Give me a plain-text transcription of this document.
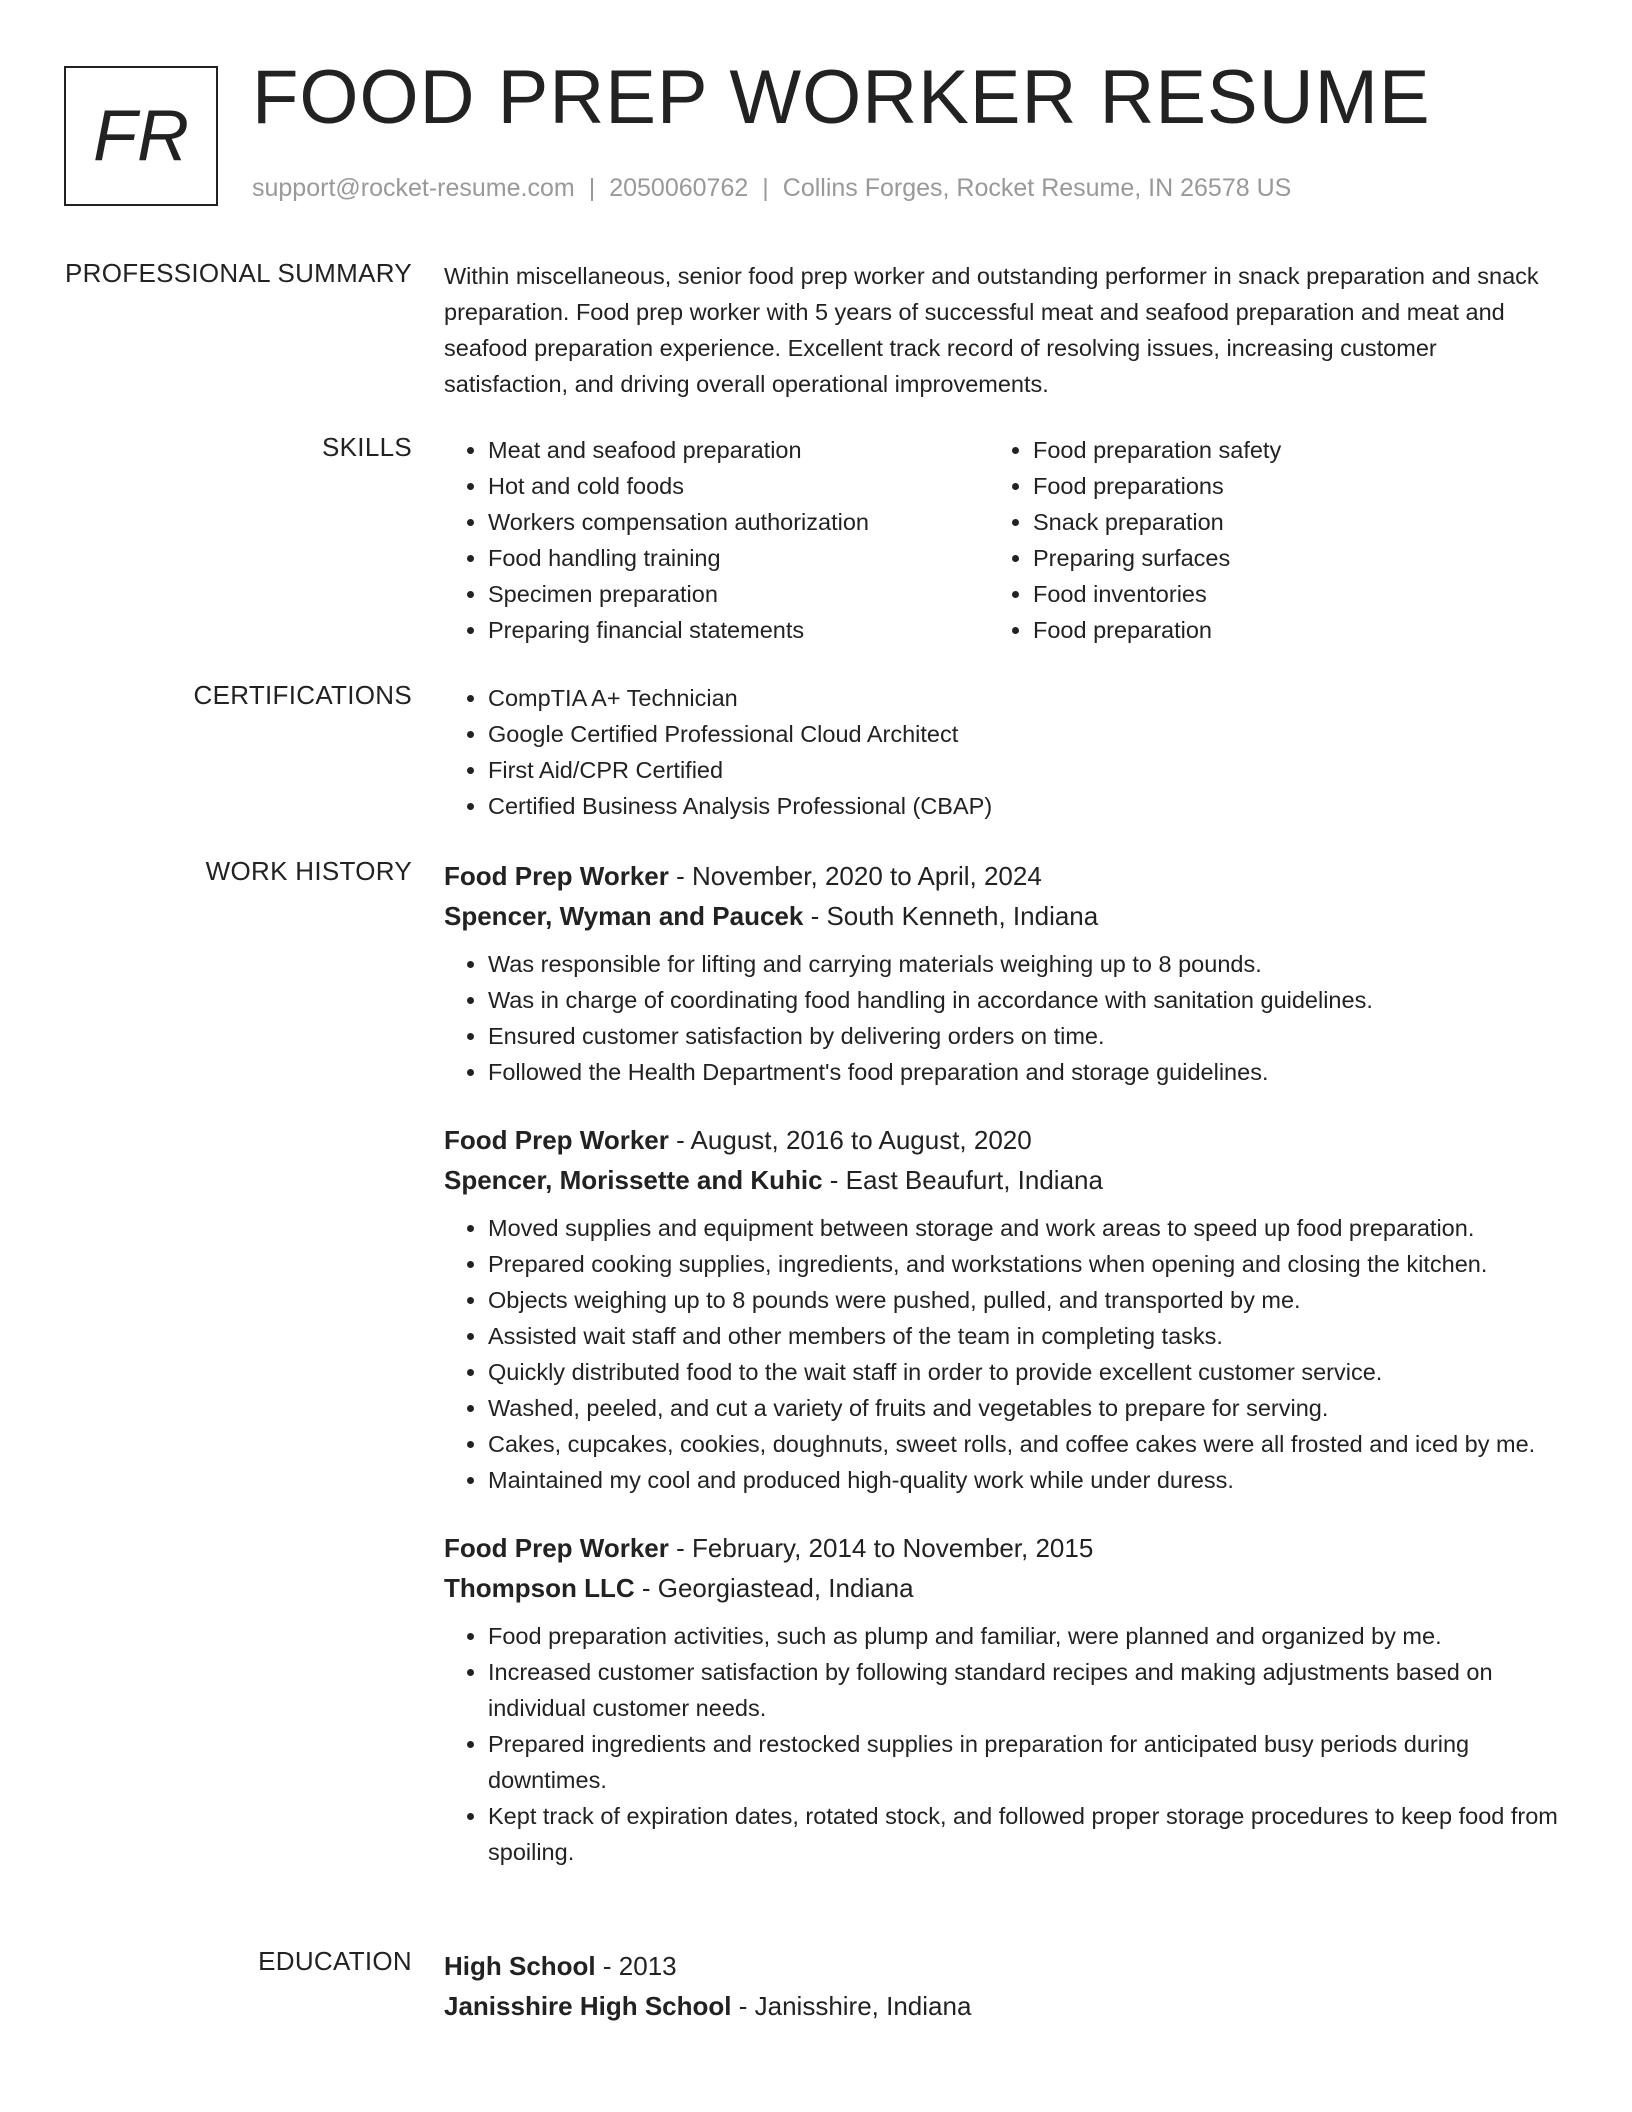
FR FOOD PREP WORKER RESUME
support@rocket-resume.com | 2050060762 | Collins Forges, Rocket Resume, IN 26578 US
PROFESSIONAL SUMMARY Within miscellaneous, senior food prep worker and outstanding performer in snack preparation and snack preparation. Food prep worker with 5 years of successful meat and seafood preparation and meat and seafood preparation experience. Excellent track record of resolving issues, increasing customer satisfaction, and driving overall operational improvements.
SKILLS	• Meat and seafood preparation
• Hot and cold foods
• Workers compensation authorization
• Food handling training
• Specimen preparation
• Preparing financial statements
• Food preparation safety
• Food preparations
• Snack preparation
• Preparing surfaces
• Food inventories
• Food preparation
CERTIFICATIONS	• CompTIA A+ Technician
• Google Certified Professional Cloud Architect
• First Aid/CPR Certified
• Certified Business Analysis Professional (CBAP)
WORK HISTORY Food Prep Worker - November, 2020 to April, 2024
Spencer, Wyman and Paucek - South Kenneth, Indiana
• Was responsible for lifting and carrying materials weighing up to 8 pounds.
• Was in charge of coordinating food handling in accordance with sanitation guidelines.
• Ensured customer satisfaction by delivering orders on time.
• Followed the Health Department's food preparation and storage guidelines.
Food Prep Worker - August, 2016 to August, 2020
Spencer, Morissette and Kuhic - East Beaufurt, Indiana
• Moved supplies and equipment between storage and work areas to speed up food preparation.
• Prepared cooking supplies, ingredients, and workstations when opening and closing the kitchen.
• Objects weighing up to 8 pounds were pushed, pulled, and transported by me.
• Assisted wait staff and other members of the team in completing tasks.
• Quickly distributed food to the wait staff in order to provide excellent customer service.
• Washed, peeled, and cut a variety of fruits and vegetables to prepare for serving.
• Cakes, cupcakes, cookies, doughnuts, sweet rolls, and coffee cakes were all frosted and iced by me.
• Maintained my cool and produced high-quality work while under duress.
Food Prep Worker - February, 2014 to November, 2015
Thompson LLC - Georgiastead, Indiana
• Food preparation activities, such as plump and familiar, were planned and organized by me.
• Increased customer satisfaction by following standard recipes and making adjustments based on individual customer needs.
• Prepared ingredients and restocked supplies in preparation for anticipated busy periods during downtimes.
• Kept track of expiration dates, rotated stock, and followed proper storage procedures to keep food from spoiling.
EDUCATION High School - 2013
Janisshire High School - Janisshire, Indiana
